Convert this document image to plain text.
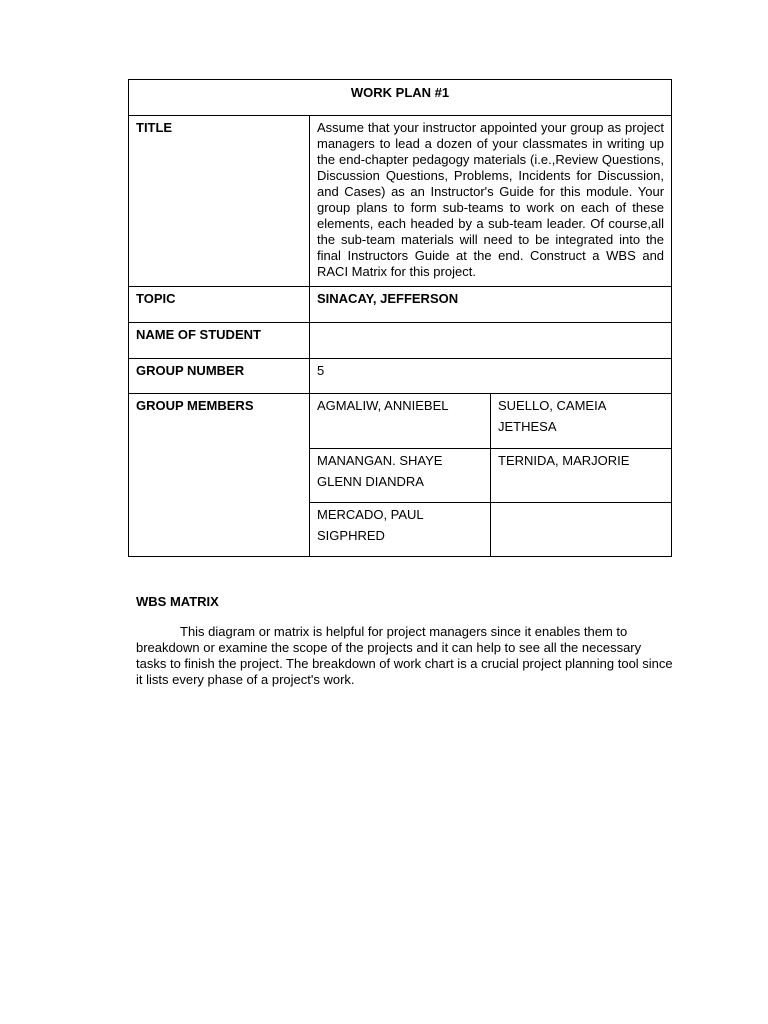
WORK PLAN #1		
TITLE	Assume that your instructor appointed your group as project managers to lead a dozen of your classmates in writing up the end-chapter pedagogy materials (i.e.,Review Questions, Discussion Questions, Problems, Incidents for Discussion, and Cases) as an Instructor's Guide for this module. Your group plans to form sub-teams to work on each of these elements, each headed by a sub-team leader. Of course,all the sub-team materials will need to be integrated into the final Instructors Guide at the end. Construct a WBS and RACI Matrix for this project.	
TOPIC	SINACAY, JEFFERSON	
NAME OF STUDENT		
GROUP NUMBER	5	
GROUP MEMBERS	AGMALIW, ANNIEBEL	SUELLO, CAMEIA JETHESA
	MANANGAN. SHAYE GLENN DIANDRA	TERNIDA, MARJORIE
	MERCADO, PAUL SIGPHRED	

WBS MATRIX

This diagram or matrix is helpful for project managers since it enables them to breakdown or examine the scope of the projects and it can help to see all the necessary tasks to finish the project. The breakdown of work chart is a crucial project planning tool since it lists every phase of a project's work.
